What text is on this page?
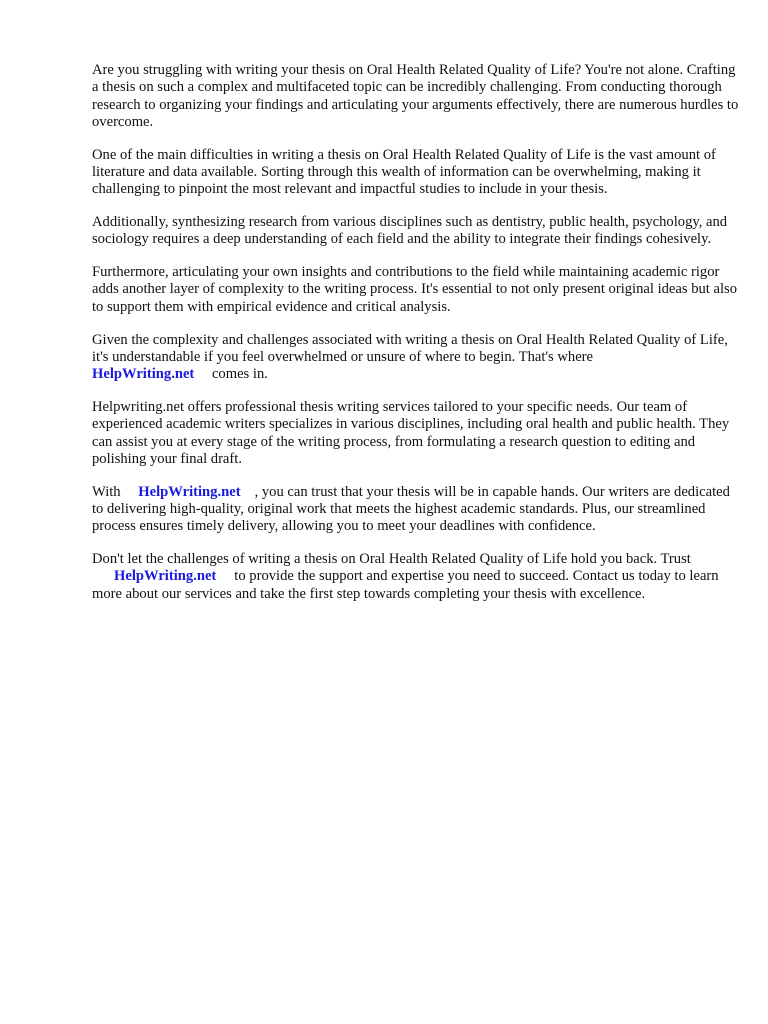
Are you struggling with writing your thesis on Oral Health Related Quality of Life? You're not alone. Crafting a thesis on such a complex and multifaceted topic can be incredibly challenging. From conducting thorough research to organizing your findings and articulating your arguments effectively, there are numerous hurdles to overcome.

One of the main difficulties in writing a thesis on Oral Health Related Quality of Life is the vast amount of literature and data available. Sorting through this wealth of information can be overwhelming, making it challenging to pinpoint the most relevant and impactful studies to include in your thesis.

Additionally, synthesizing research from various disciplines such as dentistry, public health, psychology, and sociology requires a deep understanding of each field and the ability to integrate their findings cohesively.

Furthermore, articulating your own insights and contributions to the field while maintaining academic rigor adds another layer of complexity to the writing process. It's essential to not only present original ideas but also to support them with empirical evidence and critical analysis.

Given the complexity and challenges associated with writing a thesis on Oral Health Related Quality of Life, it's understandable if you feel overwhelmed or unsure of where to begin. That's where
HelpWriting.net comes in.

Helpwriting.net offers professional thesis writing services tailored to your specific needs. Our team of experienced academic writers specializes in various disciplines, including oral health and public health. They can assist you at every stage of the writing process, from formulating a research question to editing and polishing your final draft.

With HelpWriting.net , you can trust that your thesis will be in capable hands. Our writers are dedicated to delivering high-quality, original work that meets the highest academic standards. Plus, our streamlined process ensures timely delivery, allowing you to meet your deadlines with confidence.

Don't let the challenges of writing a thesis on Oral Health Related Quality of Life hold you back. Trust HelpWriting.net to provide the support and expertise you need to succeed. Contact us today to learn more about our services and take the first step towards completing your thesis with excellence.
